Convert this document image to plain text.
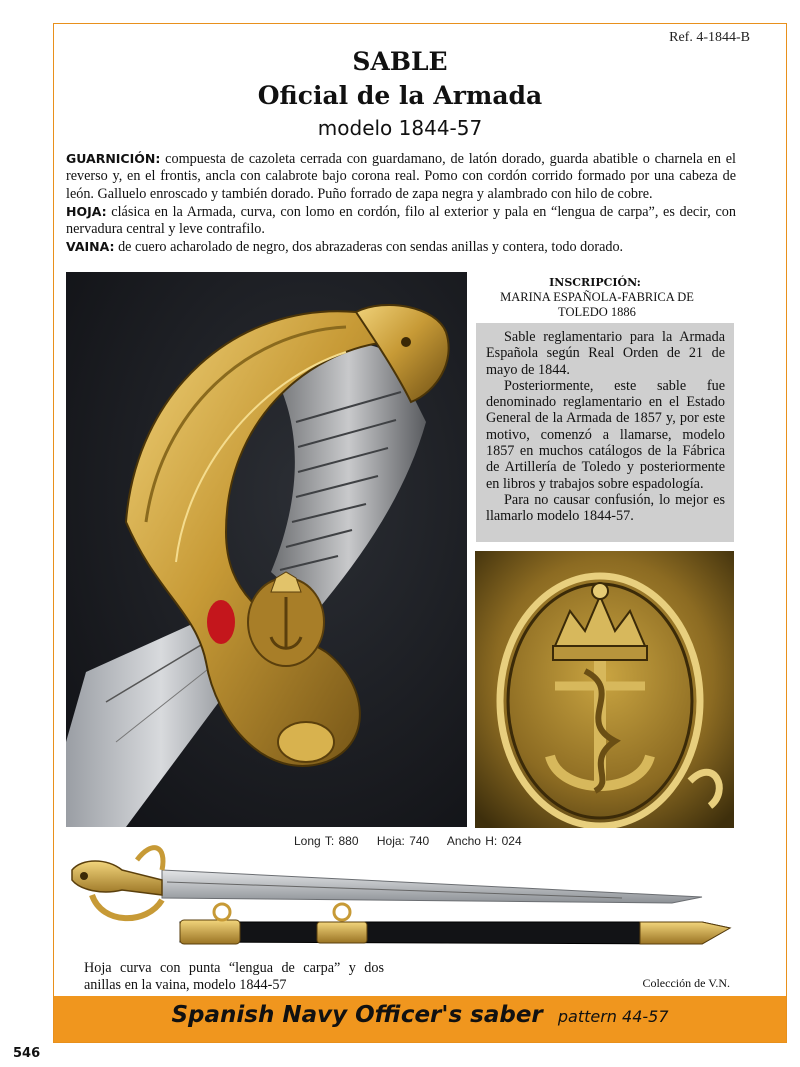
Ref. 4-1844-B
SABLE
Oficial de la Armada
modelo 1844-57

GUARNICIÓN: compuesta de cazoleta cerrada con guardamano, de latón dorado, guarda abatible o charnela en el reverso y, en el frontis, ancla con calabrote bajo corona real. Pomo con cordón corrido formado por una cabeza de león. Galluelo enroscado y también dorado. Puño forrado de zapa negra y alambrado con hilo de cobre.

HOJA: clásica en la Armada, curva, con lomo en cordón, filo al exterior y pala en “lengua de carpa”, es decir, con nervadura central y leve contrafilo.

VAINA: de cuero acharolado de negro, dos abrazaderas con sendas anillas y contera, todo dorado.

INSCRIPCIÓN:
MARINA ESPAÑOLA-FABRICA DE TOLEDO 1886

Sable reglamentario para la Armada Española según Real Orden de 21 de mayo de 1844.

Posteriormente, este sable fue denominado reglamentario en el Estado General de la Armada de 1857 y, por este motivo, comenzó a llamarse, modelo 1857 en muchos catálogos de la Fábrica de Artillería de Toledo y posteriormente en libros y trabajos sobre espadología.

Para no causar confusión, lo mejor es llamarlo modelo 1844-57.

Long T: 880 Hoja: 740 Ancho H: 024
Hoja curva con punta “lengua de carpa” y dos anillas en la vaina, modelo 1844-57	Colección de V.N.
Spanish Navy Officer's saber pattern 44-57
546
